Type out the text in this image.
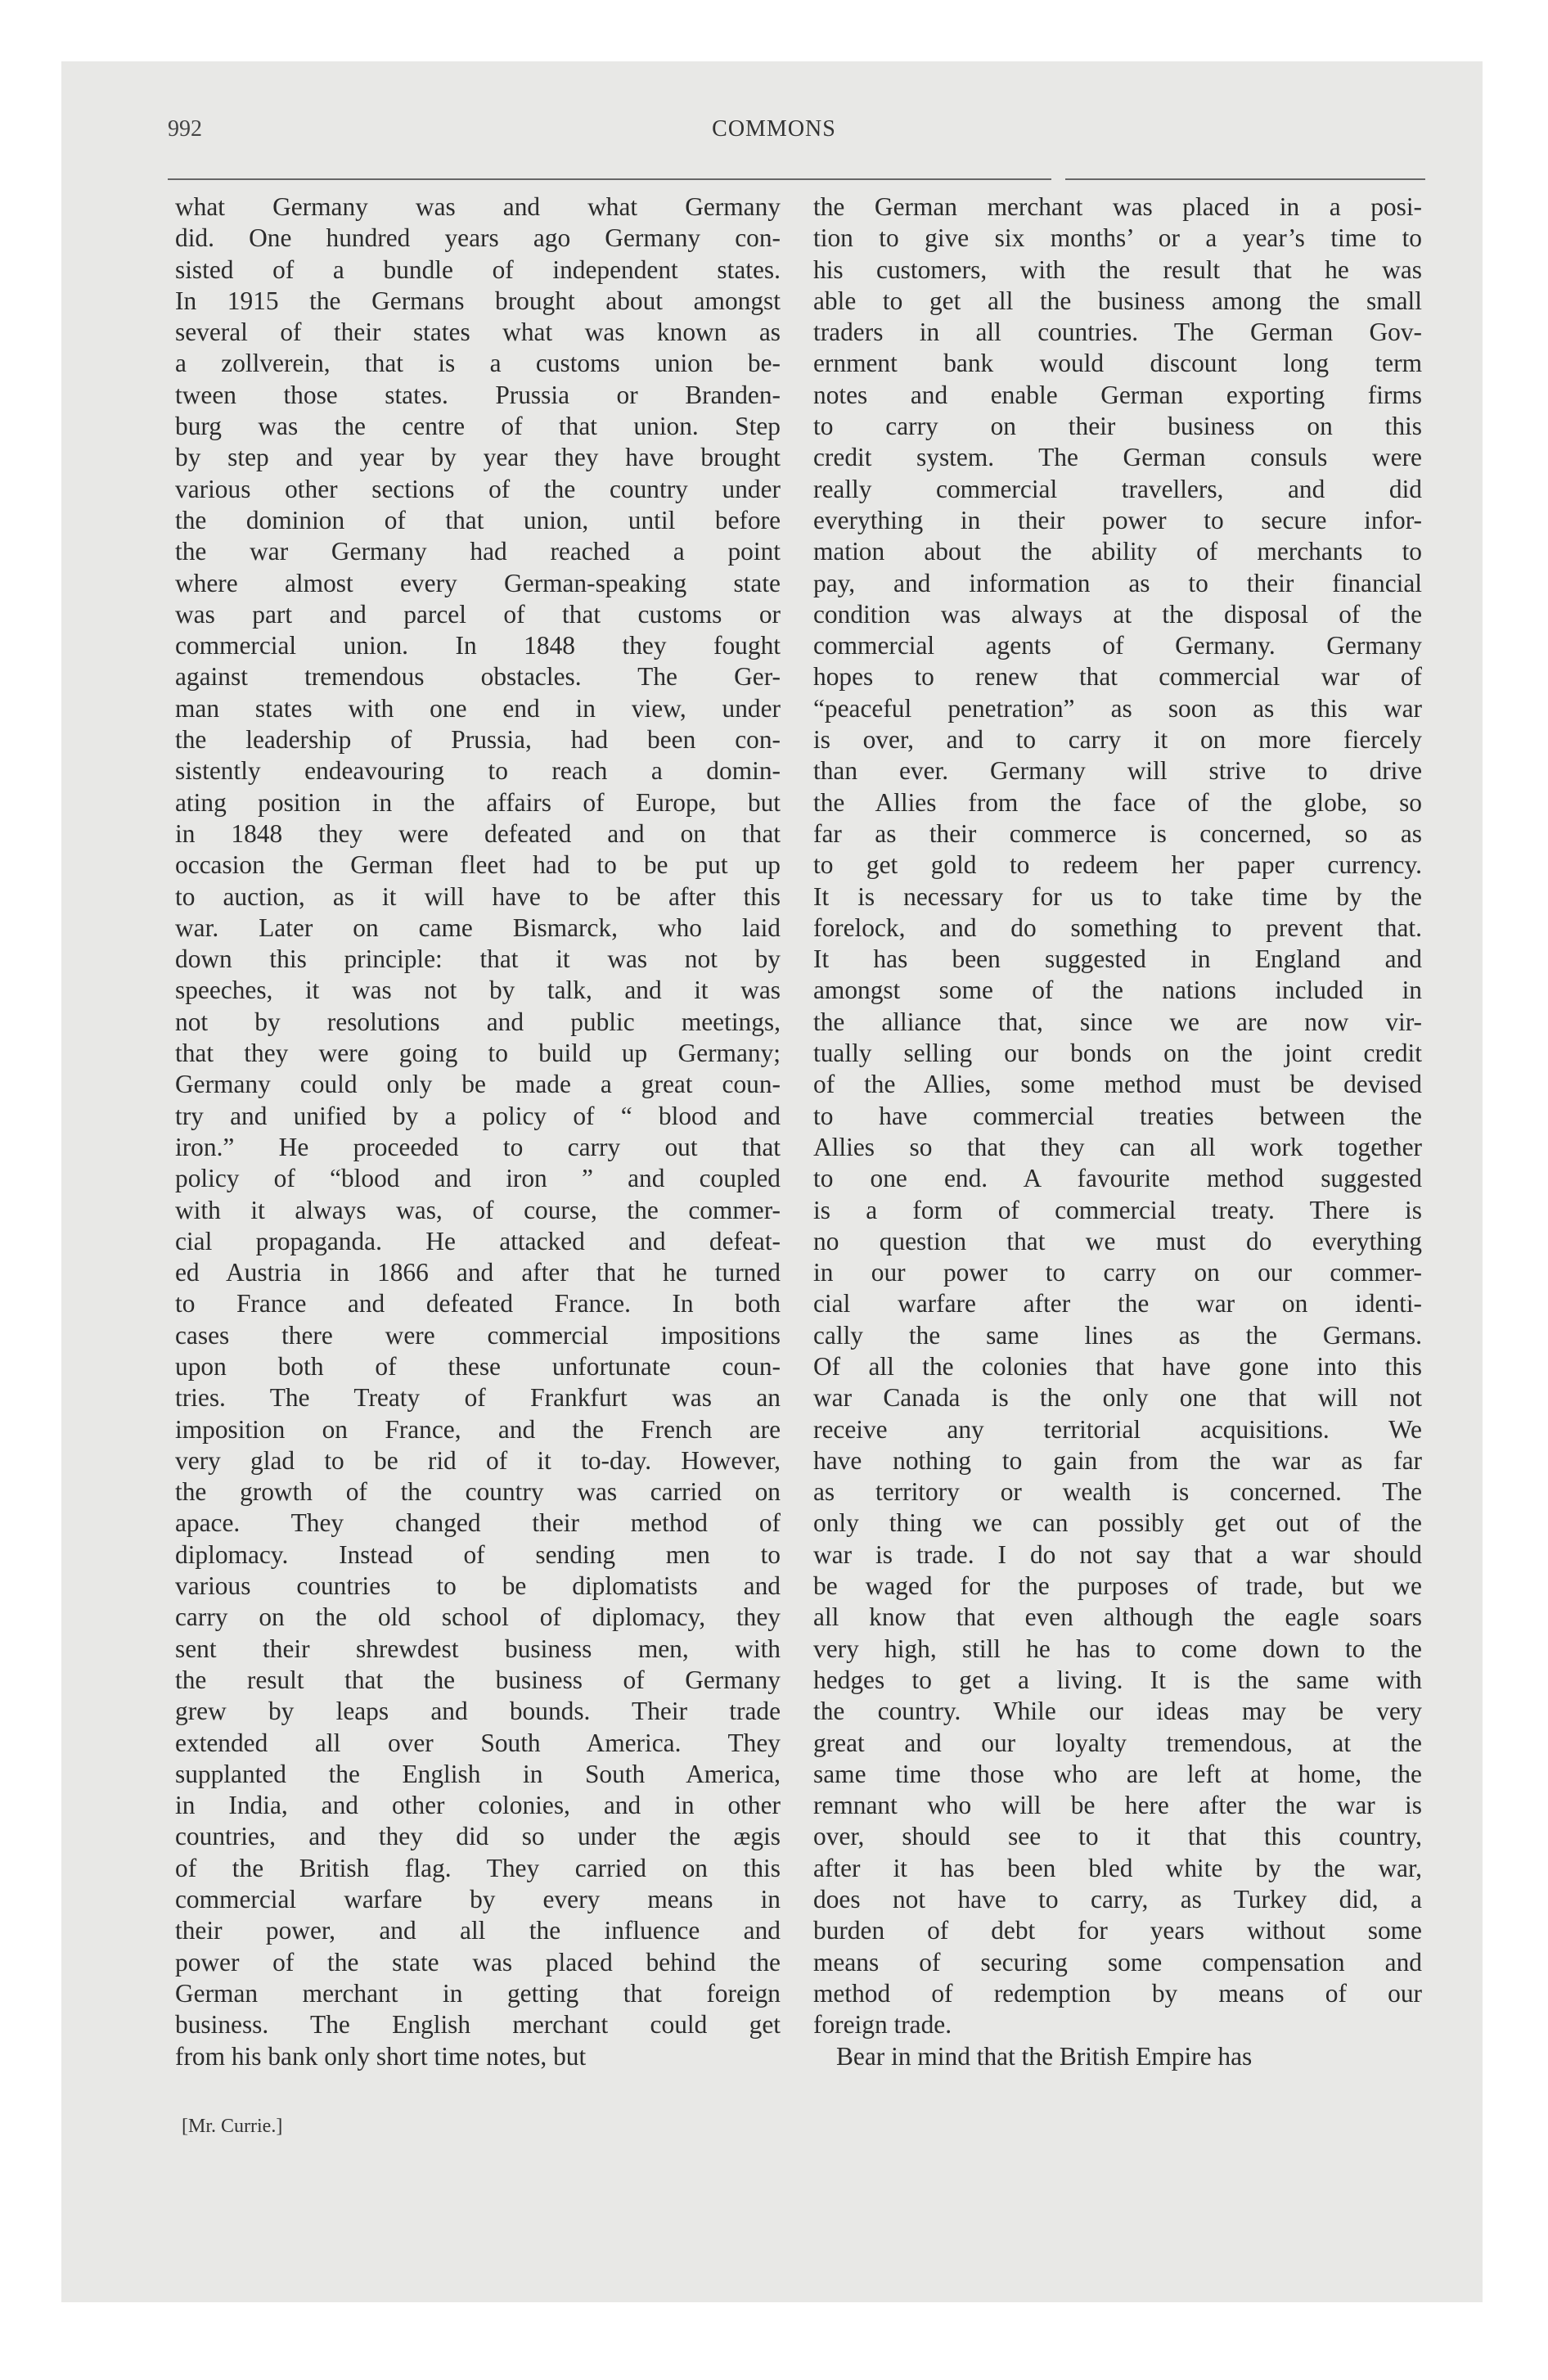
992	COMMONS
what Germany was and what Germany
did. One hundred years ago Germany con-
sisted of a bundle of independent states.
In 1915 the Germans brought about amongst
several of their states what was known as
a zollverein, that is a customs union be-
tween those states. Prussia or Branden-
burg was the centre of that union. Step
by step and year by year they have brought
various other sections of the country under
the dominion of that union, until before
the war Germany had reached a point
where almost every German-speaking state
was part and parcel of that customs or
commercial union. In 1848 they fought
against tremendous obstacles. The Ger-
man states with one end in view, under
the leadership of Prussia, had been con-
sistently endeavouring to reach a domin-
ating position in the affairs of Europe, but
in 1848 they were defeated and on that
occasion the German fleet had to be put up
to auction, as it will have to be after this
war. Later on came Bismarck, who laid
down this principle: that it was not by
speeches, it was not by talk, and it was
not by resolutions and public meetings,
that they were going to build up Germany;
Germany could only be made a great coun-
try and unified by a policy of “ blood and
iron.” He proceeded to carry out that
policy of “blood and iron ” and coupled
with it always was, of course, the commer-
cial propaganda. He attacked and defeat-
ed Austria in 1866 and after that he turned
to France and defeated France. In both
cases there were commercial impositions
upon both of these unfortunate coun-
tries. The Treaty of Frankfurt was an
imposition on France, and the French are
very glad to be rid of it to-day. However,
the growth of the country was carried on
apace. They changed their method of
diplomacy. Instead of sending men to
various countries to be diplomatists and
carry on the old school of diplomacy, they
sent their shrewdest business men, with
the result that the business of Germany
grew by leaps and bounds. Their trade
extended all over South America. They
supplanted the English in South America,
in India, and other colonies, and in other
countries, and they did so under the ægis
of the British flag. They carried on this
commercial warfare by every means in
their power, and all the influence and
power of the state was placed behind the
German merchant in getting that foreign
business. The English merchant could get
from his bank only short time notes, but
the German merchant was placed in a posi-
tion to give six months’ or a year’s time to
his customers, with the result that he was
able to get all the business among the small
traders in all countries. The German Gov-
ernment bank would discount long term
notes and enable German exporting firms
to carry on their business on this
credit system. The German consuls were
really commercial travellers, and did
everything in their power to secure infor-
mation about the ability of merchants to
pay, and information as to their financial
condition was always at the disposal of the
commercial agents of Germany. Germany
hopes to renew that commercial war of
“peaceful penetration” as soon as this war
is over, and to carry it on more fiercely
than ever. Germany will strive to drive
the Allies from the face of the globe, so
far as their commerce is concerned, so as
to get gold to redeem her paper currency.
It is necessary for us to take time by the
forelock, and do something to prevent that.
It has been suggested in England and
amongst some of the nations included in
the alliance that, since we are now vir-
tually selling our bonds on the joint credit
of the Allies, some method must be devised
to have commercial treaties between the
Allies so that they can all work together
to one end. A favourite method suggested
is a form of commercial treaty. There is
no question that we must do everything
in our power to carry on our commer-
cial warfare after the war on identi-
cally the same lines as the Germans.
Of all the colonies that have gone into this
war Canada is the only one that will not
receive any territorial acquisitions. We
have nothing to gain from the war as far
as territory or wealth is concerned. The
only thing we can possibly get out of the
war is trade. I do not say that a war should
be waged for the purposes of trade, but we
all know that even although the eagle soars
very high, still he has to come down to the
hedges to get a living. It is the same with
the country. While our ideas may be very
great and our loyalty tremendous, at the
same time those who are left at home, the
remnant who will be here after the war is
over, should see to it that this country,
after it has been bled white by the war,
does not have to carry, as Turkey did, a
burden of debt for years without some
means of securing some compensation and
method of redemption by means of our
foreign trade.
Bear in mind that the British Empire has
[Mr. Currie.]
